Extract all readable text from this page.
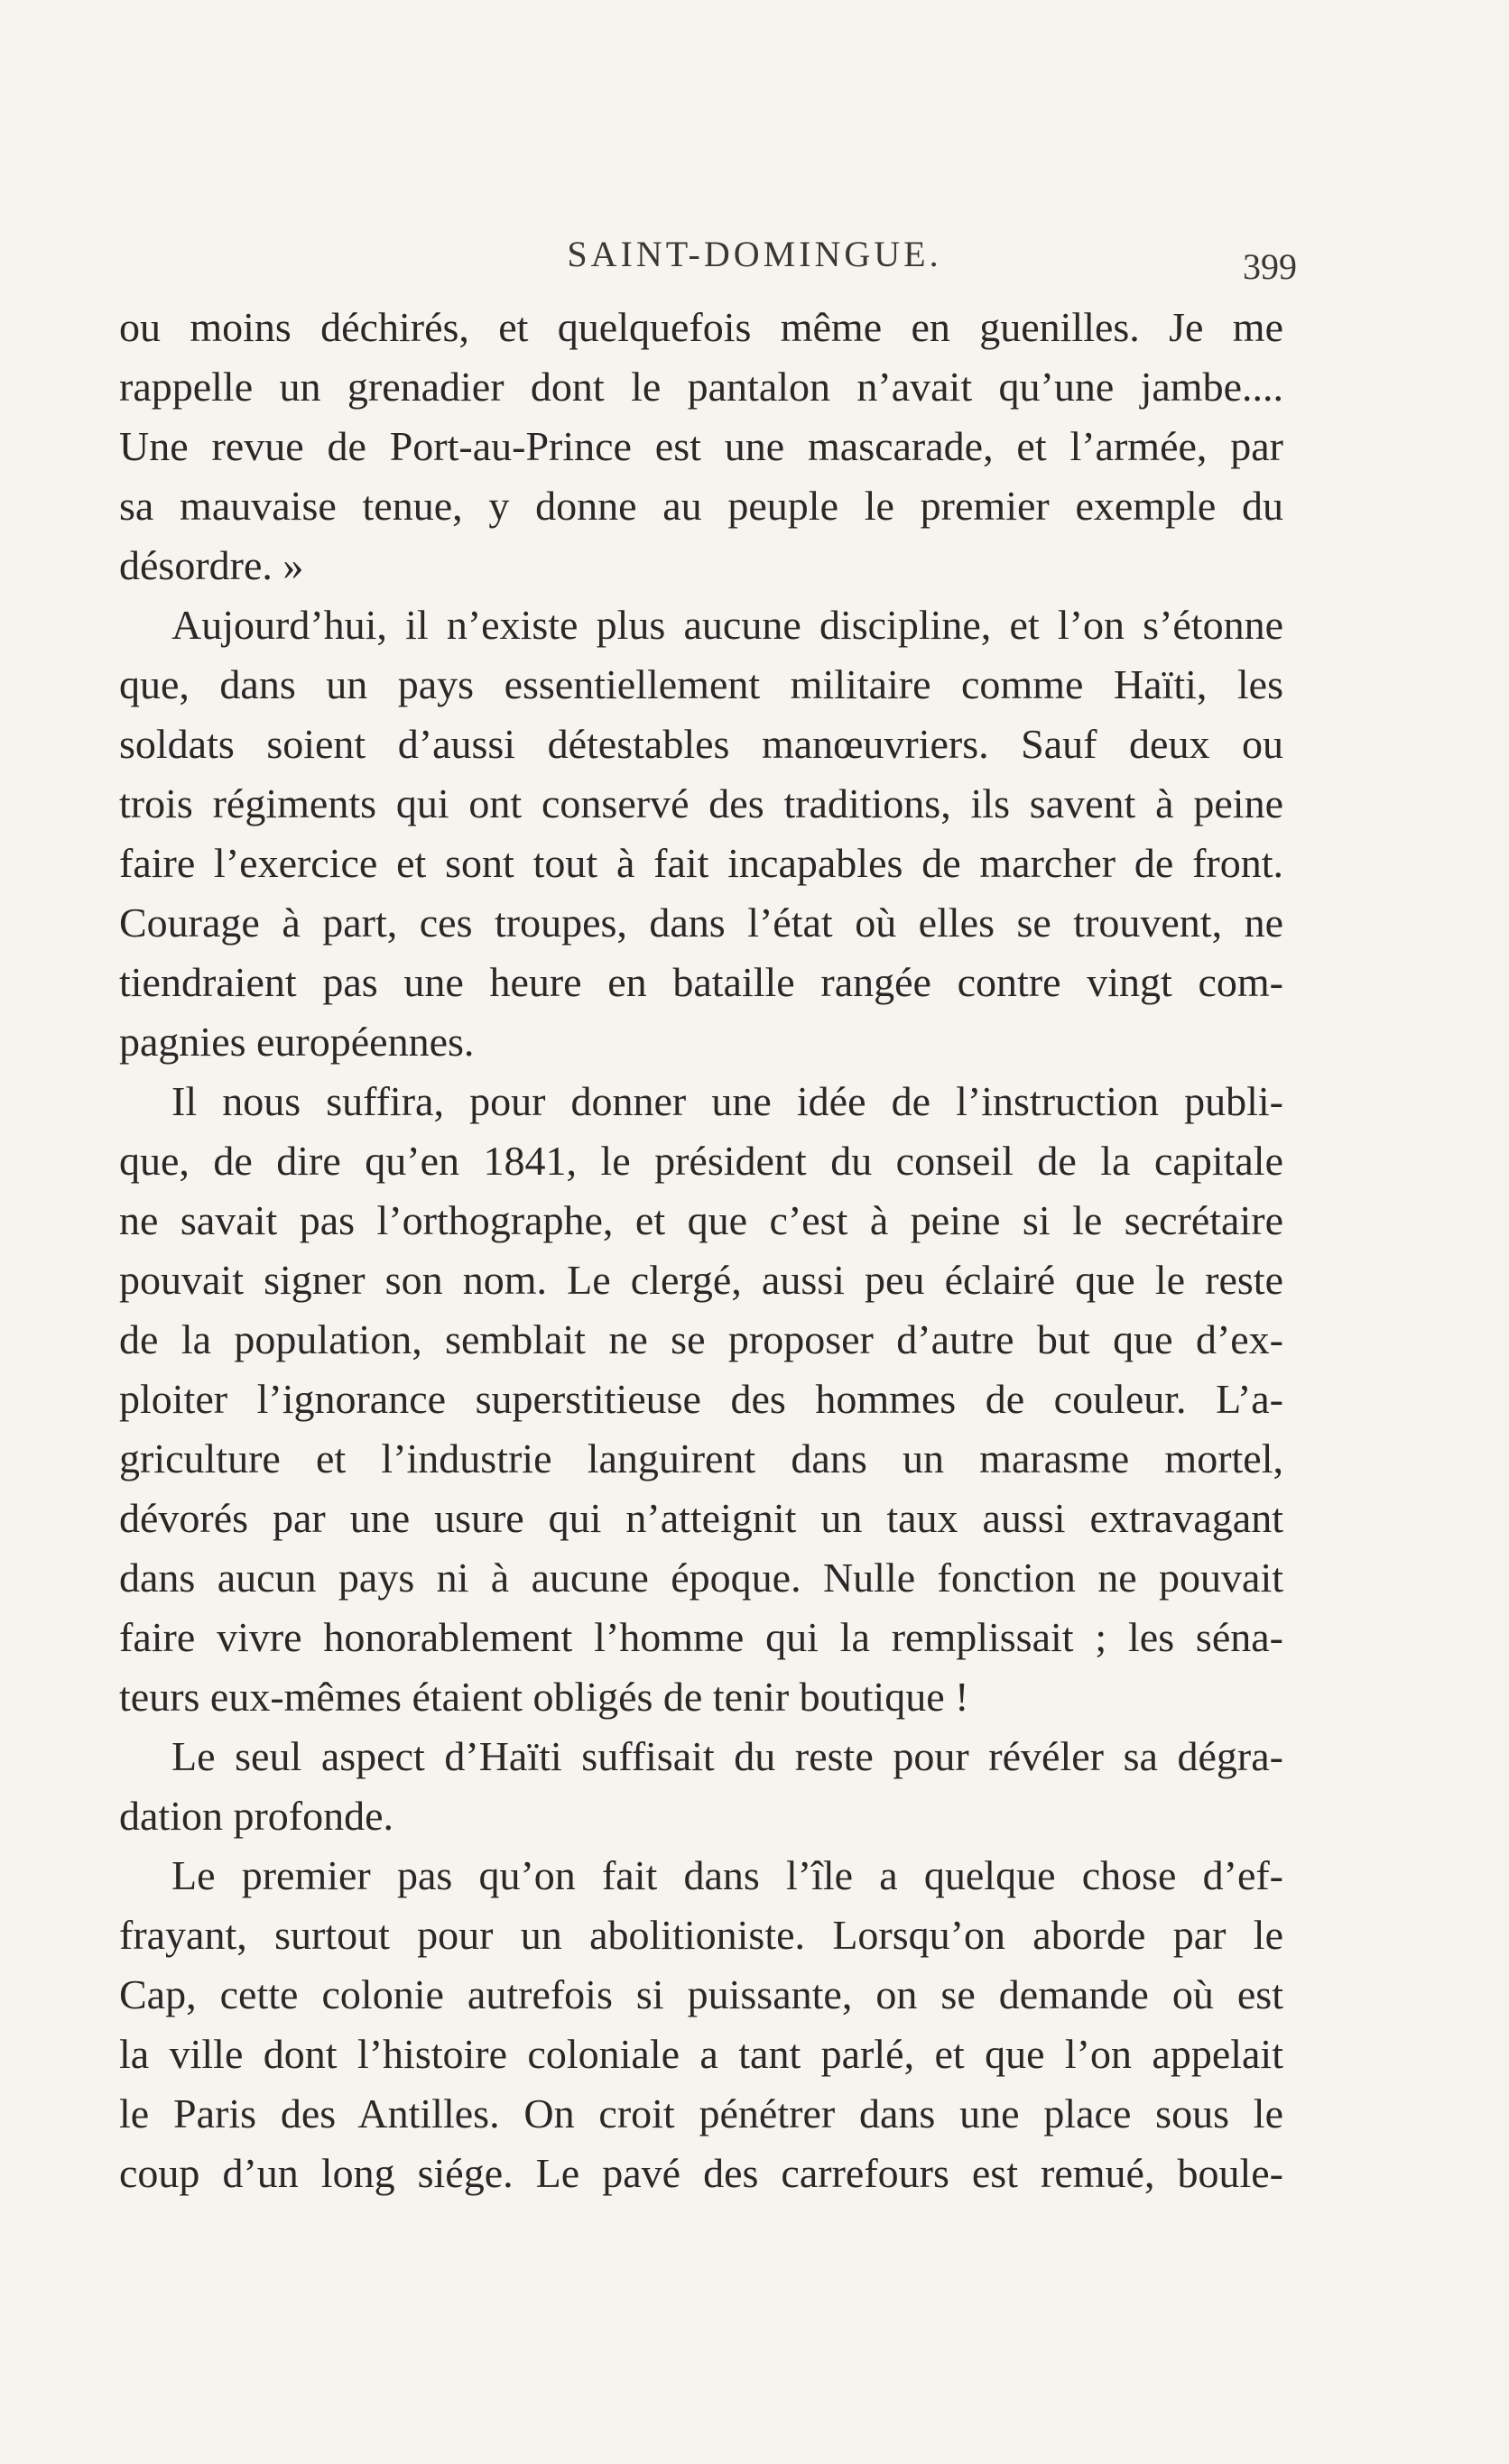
SAINT-DOMINGUE.	399
ou moins déchirés, et quelquefois même en guenilles. Je me
rappelle un grenadier dont le pantalon n’avait qu’une jambe....
Une revue de Port-au-Prince est une mascarade, et l’armée, par
sa mauvaise tenue, y donne au peuple le premier exemple du
désordre. »
Aujourd’hui, il n’existe plus aucune discipline, et l’on s’étonne
que, dans un pays essentiellement militaire comme Haïti, les
soldats soient d’aussi détestables manœuvriers. Sauf deux ou
trois régiments qui ont conservé des traditions, ils savent à peine
faire l’exercice et sont tout à fait incapables de marcher de front.
Courage à part, ces troupes, dans l’état où elles se trouvent, ne
tiendraient pas une heure en bataille rangée contre vingt com-
pagnies européennes.
Il nous suffira, pour donner une idée de l’instruction publi-
que, de dire qu’en 1841, le président du conseil de la capitale
ne savait pas l’orthographe, et que c’est à peine si le secrétaire
pouvait signer son nom. Le clergé, aussi peu éclairé que le reste
de la population, semblait ne se proposer d’autre but que d’ex-
ploiter l’ignorance superstitieuse des hommes de couleur. L’a-
griculture et l’industrie languirent dans un marasme mortel,
dévorés par une usure qui n’atteignit un taux aussi extravagant
dans aucun pays ni à aucune époque. Nulle fonction ne pouvait
faire vivre honorablement l’homme qui la remplissait ; les séna-
teurs eux-mêmes étaient obligés de tenir boutique !
Le seul aspect d’Haïti suffisait du reste pour révéler sa dégra-
dation profonde.
Le premier pas qu’on fait dans l’île a quelque chose d’ef-
frayant, surtout pour un abolitioniste. Lorsqu’on aborde par le
Cap, cette colonie autrefois si puissante, on se demande où est
la ville dont l’histoire coloniale a tant parlé, et que l’on appelait
le Paris des Antilles. On croit pénétrer dans une place sous le
coup d’un long siége. Le pavé des carrefours est remué, boule-
